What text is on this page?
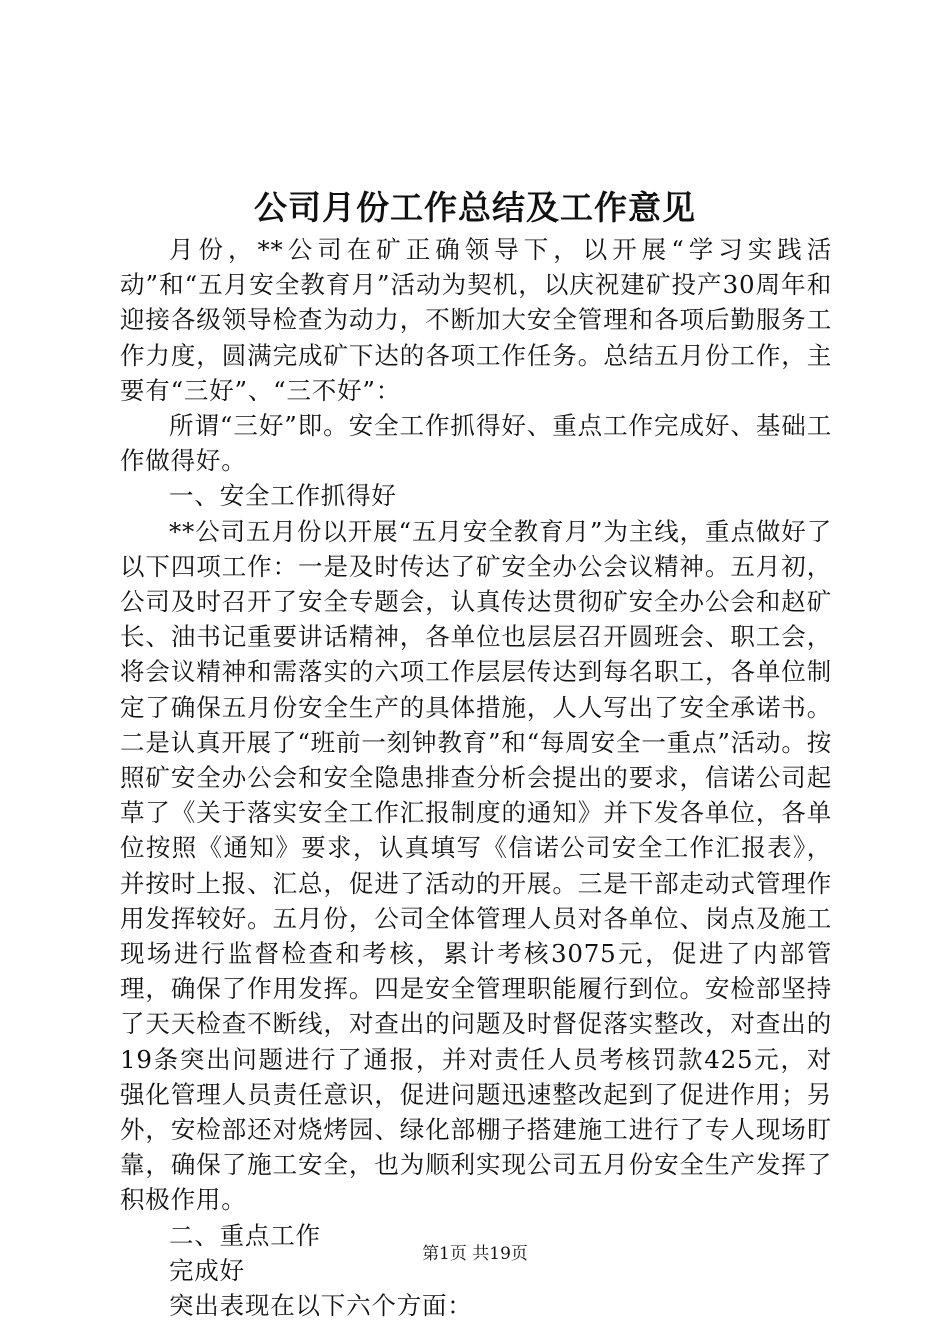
公司月份工作总结及工作意见

月份，**公司在矿正确领导下，以开展“学习实践活动”和“五月安全教育月”活动为契机，以庆祝建矿投产30周年和迎接各级领导检查为动力，不断加大安全管理和各项后勤服务工作力度，圆满完成矿下达的各项工作任务。总结五月份工作，主要有“三好”、“三不好”：

所谓“三好”即。安全工作抓得好、重点工作完成好、基础工作做得好。

一、安全工作抓得好

**公司五月份以开展“五月安全教育月”为主线，重点做好了以下四项工作：一是及时传达了矿安全办公会议精神。五月初，公司及时召开了安全专题会，认真传达贯彻矿安全办公会和赵矿长、油书记重要讲话精神，各单位也层层召开圆班会、职工会，将会议精神和需落实的六项工作层层传达到每名职工，各单位制定了确保五月份安全生产的具体措施，人人写出了安全承诺书。二是认真开展了“班前一刻钟教育”和“每周安全一重点”活动。按照矿安全办公会和安全隐患排查分析会提出的要求，信诺公司起草了《关于落实安全工作汇报制度的通知》并下发各单位，各单位按照《通知》要求，认真填写《信诺公司安全工作汇报表》，并按时上报、汇总，促进了活动的开展。三是干部走动式管理作用发挥较好。五月份，公司全体管理人员对各单位、岗点及施工现场进行监督检查和考核，累计考核3075元，促进了内部管理，确保了作用发挥。四是安全管理职能履行到位。安检部坚持了天天检查不断线，对查出的问题及时督促落实整改，对查出的19条突出问题进行了通报，并对责任人员考核罚款425元，对强化管理人员责任意识，促进问题迅速整改起到了促进作用；另外，安检部还对烧烤园、绿化部棚子搭建施工进行了专人现场盯靠，确保了施工安全，也为顺利实现公司五月份安全生产发挥了积极作用。

二、重点工作

完成好

突出表现在以下六个方面：

第1页 共19页
